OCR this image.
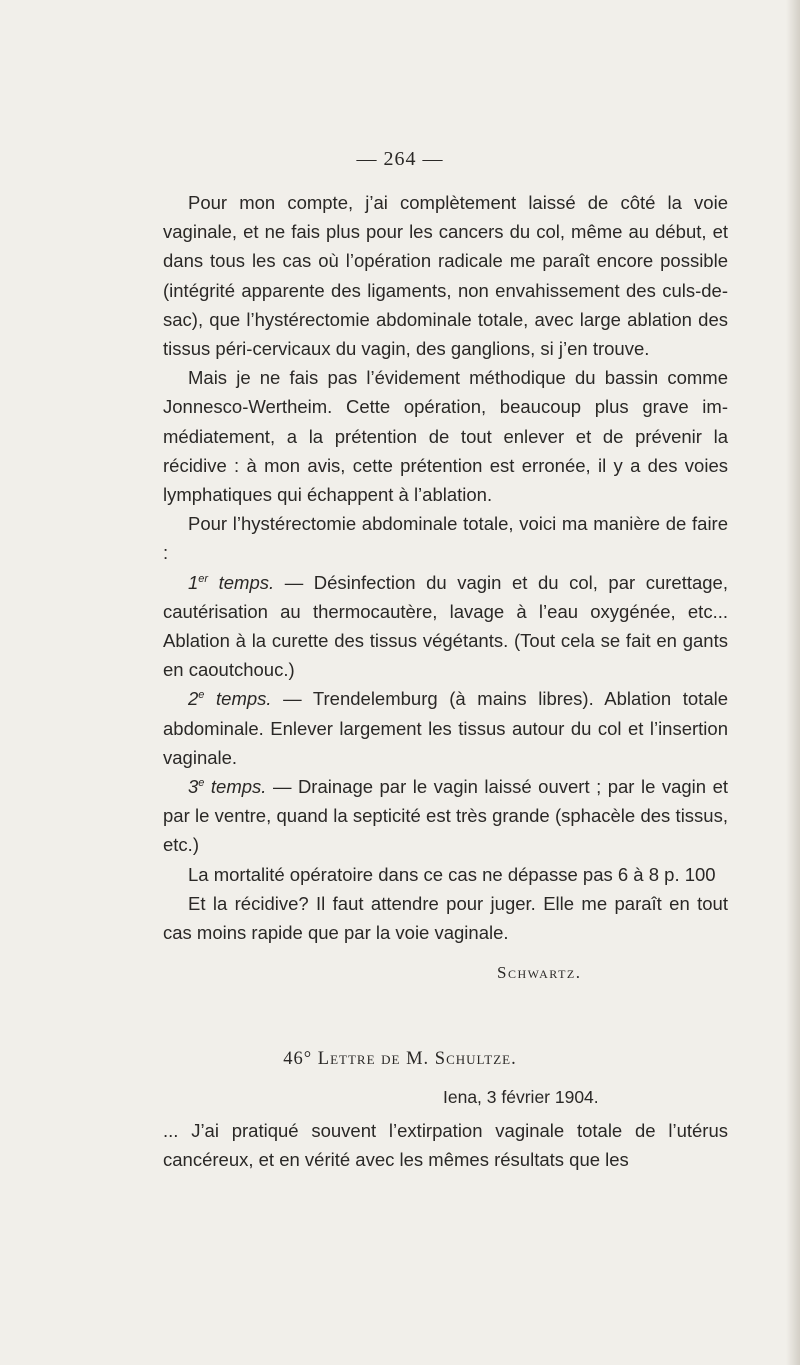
— 264 —

Pour mon compte, j’ai complètement laissé de côté la voie vaginale, et ne fais plus pour les cancers du col, même au début, et dans tous les cas où l’opération radicale me paraît encore possible (intégrité apparente des ligaments, non envahissement des culs-de-sac), que l’hystérectomie abdominale totale, avec large ablation des tissus péri-cervicaux du vagin, des ganglions, si j’en trouve.

Mais je ne fais pas l’évidement méthodique du bassin comme Jonnesco-Wertheim. Cette opération, beaucoup plus grave immédiatement, a la prétention de tout enlever et de prévenir la récidive : à mon avis, cette prétention est erronée, il y a des voies lymphatiques qui échappent à l’ablation.

Pour l’hystérectomie abdominale totale, voici ma manière de faire :

1er temps. — Désinfection du vagin et du col, par curettage, cautérisation au thermocautère, lavage à l’eau oxygénée, etc... Ablation à la curette des tissus végétants. (Tout cela se fait en gants en caoutchouc.)

2e temps. — Trendelemburg (à mains libres). Ablation totale abdominale. Enlever largement les tissus autour du col et l’insertion vaginale.

3e temps. — Drainage par le vagin laissé ouvert ; par le vagin et par le ventre, quand la septicité est très grande (sphacèle des tissus, etc.)

La mortalité opératoire dans ce cas ne dépasse pas 6 à 8 p. 100

Et la récidive? Il faut attendre pour juger. Elle me paraît en tout cas moins rapide que par la voie vaginale.

Schwartz.
46° Lettre de M. Schultze.
Iena, 3 février 1904.

... J’ai pratiqué souvent l’extirpation vaginale totale de l’utérus cancéreux, et en vérité avec les mêmes résultats que les
